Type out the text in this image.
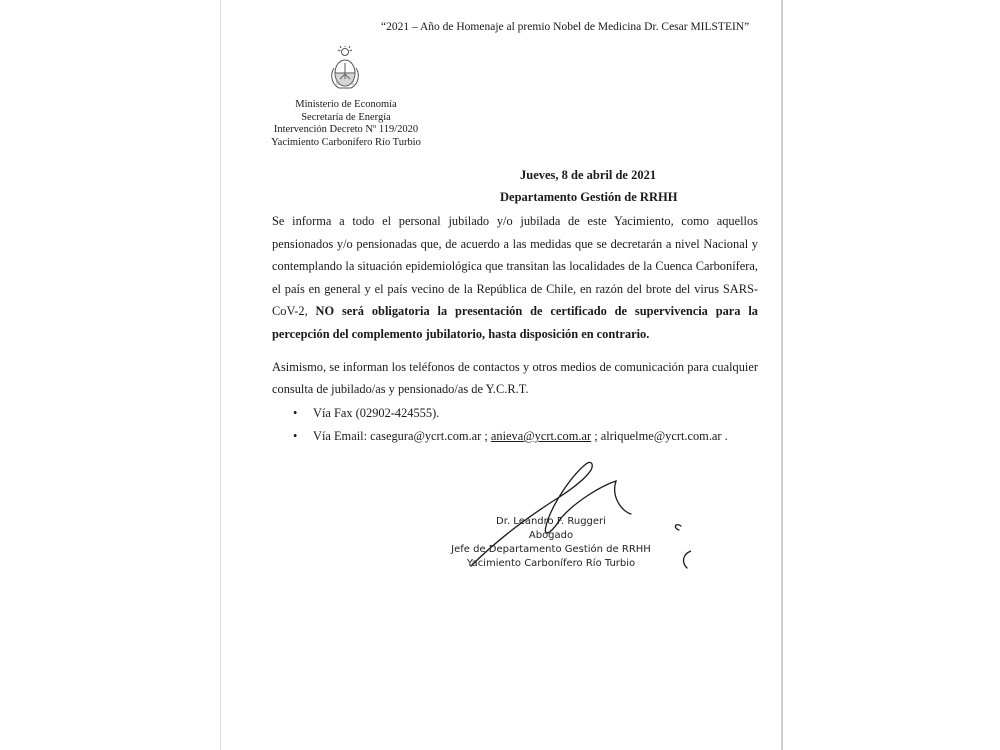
“2021 – Año de Homenaje al premio Nobel de Medicina Dr. Cesar MILSTEIN”
Ministerio de Economía
Secretaría de Energía
Intervención Decreto Nº 119/2020
Yacimiento Carbonífero Río Turbio
Jueves, 8 de abril de 2021
Departamento Gestión de RRHH

Se informa a todo el personal jubilado y/o jubilada de este Yacimiento, como aquellos pensionados y/o pensionadas que, de acuerdo a las medidas que se decretarán a nivel Nacional y contemplando la situación epidemiológica que transitan las localidades de la Cuenca Carbonífera, el país en general y el país vecino de la República de Chile, en razón del brote del virus SARS-CoV-2, NO será obligatoria la presentación de certificado de supervivencia para la percepción del complemento jubilatorio, hasta disposición en contrario.

Asimismo, se informan los teléfonos de contactos y otros medios de comunicación para cualquier consulta de jubilado/as y pensionado/as de Y.C.R.T.

• Vía Fax (02902-424555).
• Vía Email: casegura@ycrt.com.ar ; anieva@ycrt.com.ar ; alriquelme@ycrt.com.ar .
Dr. Leandro F. Ruggeri
Abogado
Jefe de Departamento Gestión de RRHH
Yacimiento Carbonífero Río Turbio
